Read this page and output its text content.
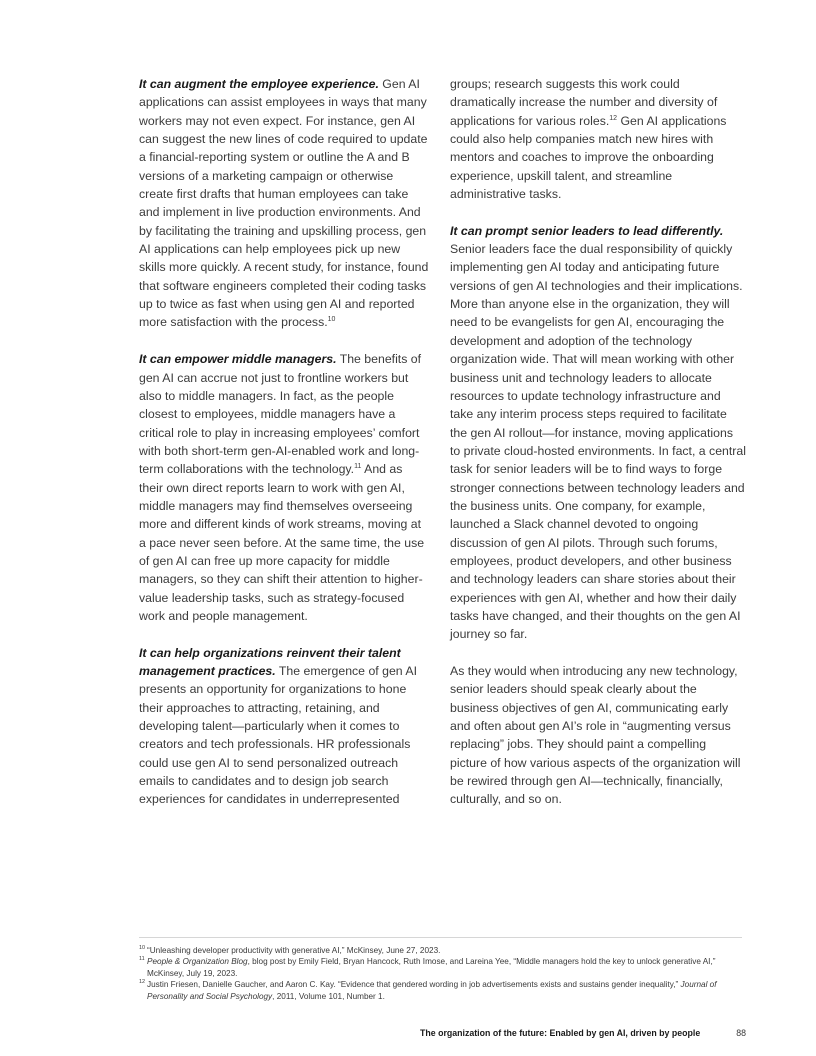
It can augment the employee experience. Gen AI applications can assist employees in ways that many workers may not even expect. For instance, gen AI can suggest the new lines of code required to update a financial-reporting system or outline the A and B versions of a marketing campaign or otherwise create first drafts that human employees can take and implement in live production environments. And by facilitating the training and upskilling process, gen AI applications can help employees pick up new skills more quickly. A recent study, for instance, found that software engineers completed their coding tasks up to twice as fast when using gen AI and reported more satisfaction with the process.$^{10}$

It can empower middle managers. The benefits of gen AI can accrue not just to frontline workers but also to middle managers. In fact, as the people closest to employees, middle managers have a critical role to play in increasing employees’ comfort with both short-term gen-AI-enabled work and long-term collaborations with the technology.$^{11}$ And as their own direct reports learn to work with gen AI, middle managers may find themselves overseeing more and different kinds of work streams, moving at a pace never seen before. At the same time, the use of gen AI can free up more capacity for middle managers, so they can shift their attention to higher-value leadership tasks, such as strategy-focused work and people management.

It can help organizations reinvent their talent management practices. The emergence of gen AI presents an opportunity for organizations to hone their approaches to attracting, retaining, and developing talent—particularly when it comes to creators and tech professionals. HR professionals could use gen AI to send personalized outreach emails to candidates and to design job search experiences for candidates in underrepresented

groups; research suggests this work could dramatically increase the number and diversity of applications for various roles.$^{12}$ Gen AI applications could also help companies match new hires with mentors and coaches to improve the onboarding experience, upskill talent, and streamline administrative tasks.

It can prompt senior leaders to lead differently. Senior leaders face the dual responsibility of quickly implementing gen AI today and anticipating future versions of gen AI technologies and their implications. More than anyone else in the organization, they will need to be evangelists for gen AI, encouraging the development and adoption of the technology organization wide. That will mean working with other business unit and technology leaders to allocate resources to update technology infrastructure and take any interim process steps required to facilitate the gen AI rollout—for instance, moving applications to private cloud-hosted environments. In fact, a central task for senior leaders will be to find ways to forge stronger connections between technology leaders and the business units. One company, for example, launched a Slack channel devoted to ongoing discussion of gen AI pilots. Through such forums, employees, product developers, and other business and technology leaders can share stories about their experiences with gen AI, whether and how their daily tasks have changed, and their thoughts on the gen AI journey so far.

As they would when introducing any new technology, senior leaders should speak clearly about the business objectives of gen AI, communicating early and often about gen AI’s role in “augmenting versus replacing” jobs. They should paint a compelling picture of how various aspects of the organization will be rewired through gen AI—technically, financially, culturally, and so on.

10 “Unleashing developer productivity with generative AI,” McKinsey, June 27, 2023.
11 People & Organization Blog, blog post by Emily Field, Bryan Hancock, Ruth Imose, and Lareina Yee, “Middle managers hold the key to unlock generative AI,” McKinsey, July 19, 2023.
12 Justin Friesen, Danielle Gaucher, and Aaron C. Kay. “Evidence that gendered wording in job advertisements exists and sustains gender inequality,” Journal of Personality and Social Psychology, 2011, Volume 101, Number 1.
The organization of the future: Enabled by gen AI, driven by people	88
